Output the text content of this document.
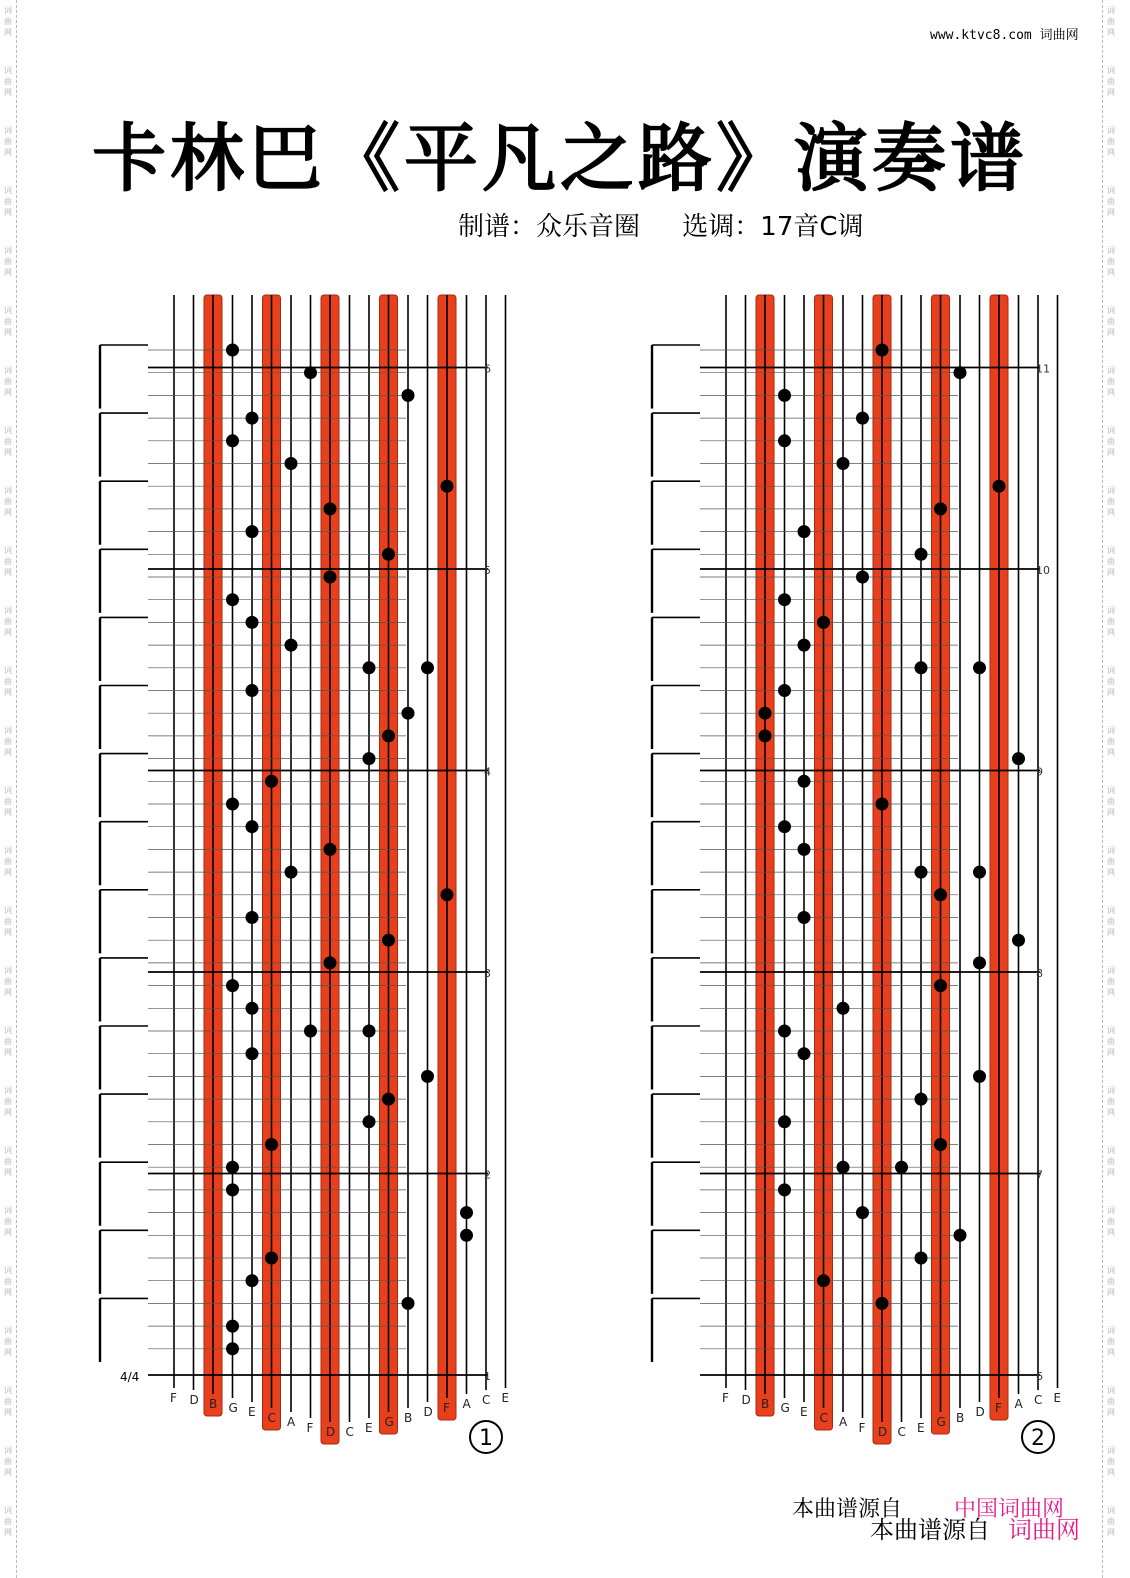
词
曲
网
词
曲
网
词
曲
网
词
曲
网
词
曲
网
词
曲
网
词
曲
网
词
曲
网
词
曲
网
词
曲
网
词
曲
网
词
曲
网
词
曲
网
词
曲
网
词
曲
网
词
曲
网
词
曲
网
词
曲
网
词
曲
网
词
曲
网
词
曲
网
词
曲
网
词
曲
网
词
曲
网
词
曲
网
词
曲
网
词
曲
网
词
曲
网
词
曲
网
词
曲
网
词
曲
网
词
曲
网
词
曲
网
词
曲
网
词
曲
网
词
曲
网
词
曲
网
词
曲
网
词
曲
网
词
曲
网
词
曲
网
词
曲
网
词
曲
网
词
曲
网
词
曲
网
词
曲
网
词
曲
网
词
曲
网
词
曲
网
词
曲
网
词
曲
网
词
曲
网
www.ktvc8.com 词曲网
卡林巴《平凡之路》演奏谱
制谱：众乐音圈 选调：17音C调
1
2
3
4
5
6
F D B G E C A F D C E G B D F A C E
1
6
7
8
9
10
11
F D B G E C A F D C E G B D F A C E
2
4/4
本曲谱源自 中国词曲网
本曲谱源自 词曲网
